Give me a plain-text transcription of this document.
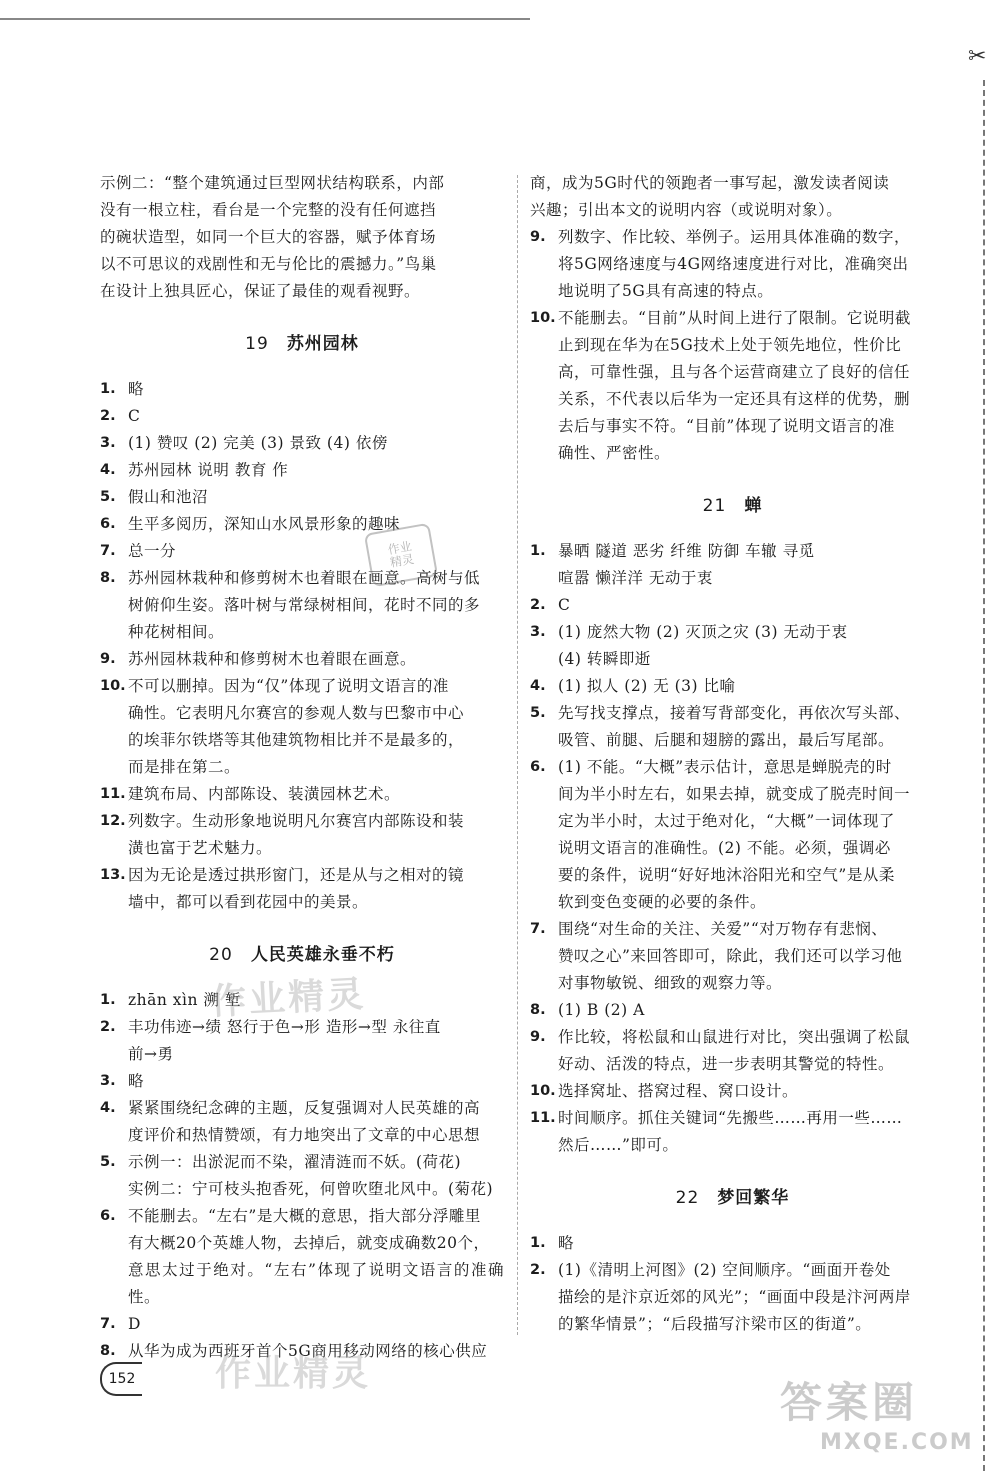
✂
示例二：“整个建筑通过巨型网状结构联系，内部
没有一根立柱，看台是一个完整的没有任何遮挡
的碗状造型，如同一个巨大的容器，赋予体育场
以不可思议的戏剧性和无与伦比的震撼力。”鸟巢
在设计上独具匠心，保证了最佳的观看视野。
19 苏州园林
1. 略
2. C
3. (1) 赞叹 (2) 完美 (3) 景致 (4) 依傍
4. 苏州园林 说明 教育 作
5. 假山和池沼
6. 生平多阅历，深知山水风景形象的趣味
7. 总一分
8. 苏州园林栽种和修剪树木也着眼在画意。高树与低
树俯仰生姿。落叶树与常绿树相间，花时不同的多
种花树相间。
9. 苏州园林栽种和修剪树木也着眼在画意。
10. 不可以删掉。因为“仅”体现了说明文语言的准
确性。它表明凡尔赛宫的参观人数与巴黎市中心
的埃菲尔铁塔等其他建筑物相比并不是最多的，
而是排在第二。
11. 建筑布局、内部陈设、装潢园林艺术。
12. 列数字。生动形象地说明凡尔赛宫内部陈设和装
潢也富于艺术魅力。
13. 因为无论是透过拱形窗门，还是从与之相对的镜
墙中，都可以看到花园中的美景。
20 人民英雄永垂不朽
1. zhān xìn 溯 堑
2. 丰功伟迹→绩 怒行于色→形 造形→型 永往直
前→勇
3. 略
4. 紧紧围绕纪念碑的主题，反复强调对人民英雄的高
度评价和热情赞颂，有力地突出了文章的中心思想
5. 示例一：出淤泥而不染，濯清涟而不妖。(荷花)
实例二：宁可枝头抱香死，何曾吹堕北风中。(菊花)
6. 不能删去。“左右”是大概的意思，指大部分浮雕里
有大概20个英雄人物，去掉后，就变成确数20个，
意思太过于绝对。“左右”体现了说明文语言的准确性。
7. D
8. 从华为成为西班牙首个5G商用移动网络的核心供应
商，成为5G时代的领跑者一事写起，激发读者阅读
兴趣；引出本文的说明内容（或说明对象）。
9. 列数字、作比较、举例子。运用具体准确的数字，
将5G网络速度与4G网络速度进行对比，准确突出
地说明了5G具有高速的特点。
10. 不能删去。“目前”从时间上进行了限制。它说明截
止到现在华为在5G技术上处于领先地位，性价比
高，可靠性强，且与各个运营商建立了良好的信任
关系，不代表以后华为一定还具有这样的优势，删
去后与事实不符。“目前”体现了说明文语言的准
确性、严密性。
21 蝉
1. 暴晒 隧道 恶劣 纤维 防御 车辙 寻觅
喧嚣 懒洋洋 无动于衷
2. C
3. (1) 庞然大物 (2) 灭顶之灾 (3) 无动于衷
(4) 转瞬即逝
4. (1) 拟人 (2) 无 (3) 比喻
5. 先写找支撑点，接着写背部变化，再依次写头部、
吸管、前腿、后腿和翅膀的露出，最后写尾部。
6. (1) 不能。“大概”表示估计，意思是蝉脱壳的时
间为半小时左右，如果去掉，就变成了脱壳时间一
定为半小时，太过于绝对化，“大概”一词体现了
说明文语言的准确性。(2) 不能。必须，强调必
要的条件，说明“好好地沐浴阳光和空气”是从柔
软到变色变硬的必要的条件。
7. 围绕“对生命的关注、关爱”“对万物存有悲悯、
赞叹之心”来回答即可，除此，我们还可以学习他
对事物敏锐、细致的观察力等。
8. (1) B (2) A
9. 作比较，将松鼠和山鼠进行对比，突出强调了松鼠
好动、活泼的特点，进一步表明其警觉的特性。
10. 选择窝址、搭窝过程、窝口设计。
11. 时间顺序。抓住关键词“先搬些……再用一些……
然后……”即可。
22 梦回繁华
1. 略
2. (1)《清明上河图》(2) 空间顺序。“画面开卷处
描绘的是汴京近郊的风光”；“画面中段是汴河两岸
的繁华情景”；“后段描写汴梁市区的街道”。
作业
精灵
作业精灵
作业精灵
答案圈
MXQE.COM
152
